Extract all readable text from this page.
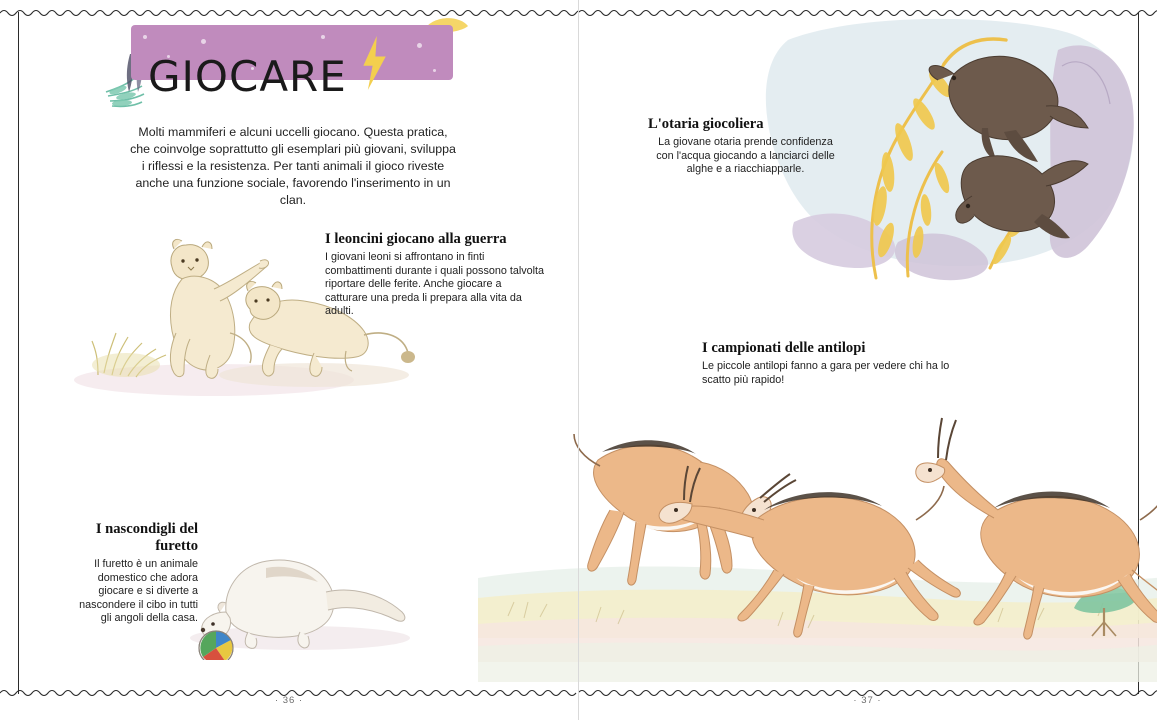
GIOCARE

Molti mammiferi e alcuni uccelli giocano. Questa pratica, che coinvolge soprattutto gli esemplari più giovani, sviluppa i riflessi e la resistenza. Per tanti animali il gioco riveste anche una funzione sociale, favorendo l'inserimento in un clan.

I leoncini giocano alla guerra

I giovani leoni si affrontano in finti combattimenti durante i quali possono talvolta riportare delle ferite. Anche giocare a catturare una preda li prepara alla vita da adulti.

I nascondigli del furetto

Il furetto è un animale domestico che adora giocare e si diverte a nascondere il cibo in tutti gli angoli della casa.

· 36 ·

L'otaria giocoliera

La giovane otaria prende confidenza con l'acqua giocando a lanciarci delle alghe e a riacchiapparle.

I campionati delle antilopi

Le piccole antilopi fanno a gara per vedere chi ha lo scatto più rapido!

· 37 ·
